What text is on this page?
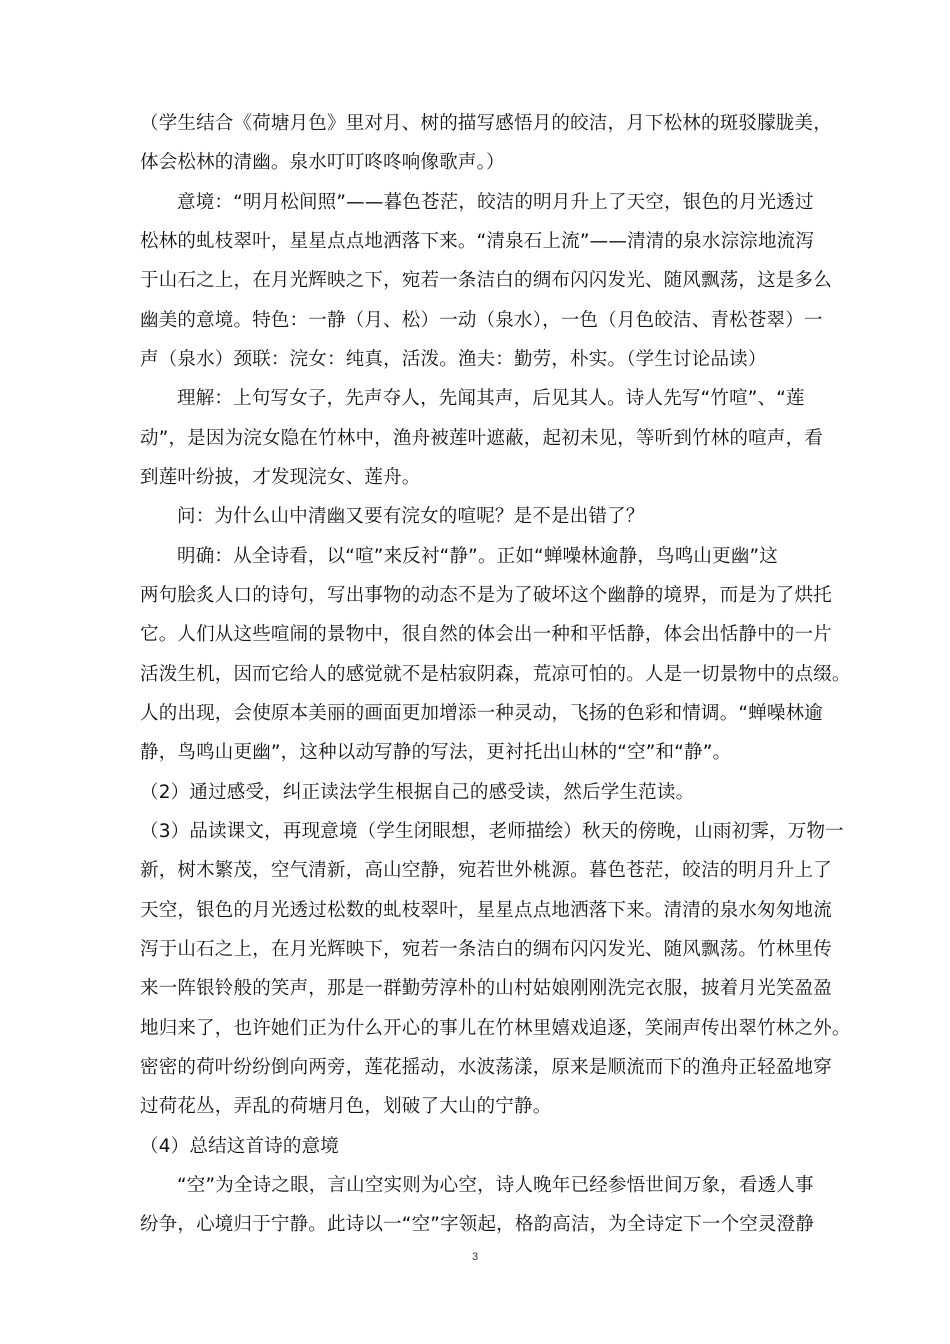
（学生结合《荷塘月色》里对月、树的描写感悟月的皎洁，月下松林的斑驳朦胧美，
体会松林的清幽。泉水叮叮咚咚响像歌声。）
意境：“明月松间照”——暮色苍茫，皎洁的明月升上了天空，银色的月光透过
松林的虬枝翠叶，星星点点地洒落下来。“清泉石上流”——清清的泉水淙淙地流泻
于山石之上，在月光辉映之下，宛若一条洁白的绸布闪闪发光、随风飘荡，这是多么
幽美的意境。特色：一静（月、松）一动（泉水），一色（月色皎洁、青松苍翠）一
声（泉水）颈联：浣女：纯真，活泼。渔夫：勤劳，朴实。（学生讨论品读）
理解：上句写女子，先声夺人，先闻其声，后见其人。诗人先写“竹喧”、“莲
动”，是因为浣女隐在竹林中，渔舟被莲叶遮蔽，起初未见，等听到竹林的喧声，看
到莲叶纷披，才发现浣女、莲舟。
问：为什么山中清幽又要有浣女的喧呢？是不是出错了？
明确：从全诗看，以“喧”来反衬“静”。正如“蝉噪林逾静，鸟鸣山更幽”这
两句脍炙人口的诗句，写出事物的动态不是为了破坏这个幽静的境界，而是为了烘托
它。人们从这些喧闹的景物中，很自然的体会出一种和平恬静，体会出恬静中的一片
活泼生机，因而它给人的感觉就不是枯寂阴森，荒凉可怕的。人是一切景物中的点缀。
人的出现，会使原本美丽的画面更加增添一种灵动，飞扬的色彩和情调。“蝉噪林逾
静，鸟鸣山更幽”，这种以动写静的写法，更衬托出山林的“空”和“静”。
（2）通过感受，纠正读法学生根据自己的感受读，然后学生范读。
（3）品读课文，再现意境（学生闭眼想，老师描绘）秋天的傍晚，山雨初霁，万物一
新，树木繁茂，空气清新，高山空静，宛若世外桃源。暮色苍茫，皎洁的明月升上了
天空，银色的月光透过松数的虬枝翠叶，星星点点地洒落下来。清清的泉水匆匆地流
泻于山石之上，在月光辉映下，宛若一条洁白的绸布闪闪发光、随风飘荡。竹林里传
来一阵银铃般的笑声，那是一群勤劳淳朴的山村姑娘刚刚洗完衣服，披着月光笑盈盈
地归来了，也许她们正为什么开心的事儿在竹林里嬉戏追逐，笑闹声传出翠竹林之外。
密密的荷叶纷纷倒向两旁，莲花摇动，水波荡漾，原来是顺流而下的渔舟正轻盈地穿
过荷花丛，弄乱的荷塘月色，划破了大山的宁静。
（4）总结这首诗的意境
“空”为全诗之眼，言山空实则为心空，诗人晚年已经参悟世间万象，看透人事
纷争，心境归于宁静。此诗以一“空”字领起，格韵高洁，为全诗定下一个空灵澄静
3
